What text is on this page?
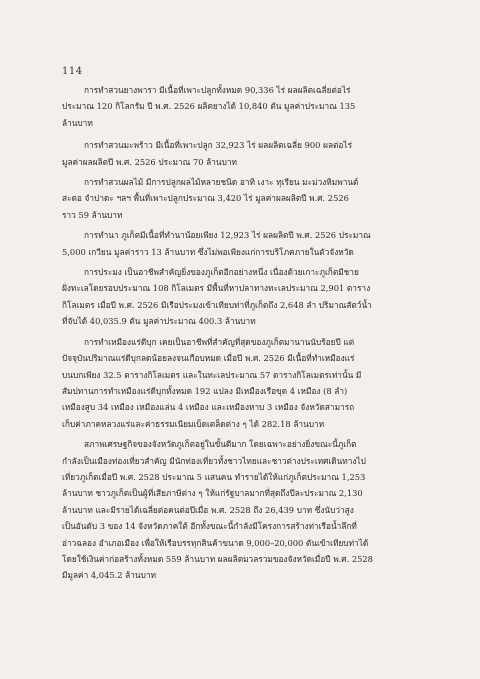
114

การทำสวนยางพารา มีเนื้อที่เพาะปลูกทั้งหมด 90,336 ไร่ ผลผลิตเฉลี่ยต่อไร่
ประมาณ 120 กิโลกรัม ปี พ.ศ. 2526 ผลิตยางได้ 10,840 ตัน มูลค่าประมาณ 135
ล้านบาท

การทำสวนมะพร้าว มีเนื้อที่เพาะปลูก 32,923 ไร่ ผลผลิตเฉลี่ย 900 ผลต่อไร่
มูลค่าผลผลิตปี พ.ศ. 2526 ประมาณ 70 ล้านบาท

การทำสวนผลไม้ มีการปลูกผลไม้หลายชนิด อาทิ เงาะ ทุเรียน มะม่วงหิมพานต์
สะตอ จำปาดะ ฯลฯ พื้นที่เพาะปลูกประมาณ 3,420 ไร่ มูลค่าผลผลิตปี พ.ศ. 2526
ราว 59 ล้านบาท

การทำนา ภูเก็ตมีเนื้อที่ทำนาน้อยเพียง 12,923 ไร่ ผลผลิตปี พ.ศ. 2526 ประมาณ
5,000 เกวียน มูลค่าราว 13 ล้านบาท ซึ่งไม่พอเพียงแก่การบริโภคภายในตัวจังหวัด

การประมง เป็นอาชีพสำคัญยิ่งของภูเก็ตอีกอย่างหนึ่ง เนื่องด้วยเกาะภูเก็ตมีชาย
ฝั่งทะเลโดยรอบประมาณ 108 กิโลเมตร มีพื้นที่หาปลาทางทะเลประมาณ 2,901 ตาราง
กิโลเมตร เมื่อปี พ.ศ. 2526 มีเรือประมงเข้าเทียบท่าที่ภูเก็ตถึง 2,648 ลำ ปริมาณสัตว์น้ำ
ที่จับได้ 40,035.9 ตัน มูลค่าประมาณ 400.3 ล้านบาท

การทำเหมืองแร่ดีบุก เคยเป็นอาชีพที่สำคัญที่สุดของภูเก็ตมานานนับร้อยปี แต่
ปัจจุบันปริมาณแร่ดีบุกลดน้อยลงจนเกือบหมด เมื่อปี พ.ศ. 2526 มีเนื้อที่ทำเหมืองแร่
บนบกเพียง 32.5 ตารางกิโลเมตร และในทะเลประมาณ 57 ตารางกิโลเมตรเท่านั้น มี
สัมปทานการทำเหมืองแร่ดีบุกทั้งหมด 192 แปลง มีเหมืองเรือขุด 4 เหมือง (8 ลำ)
เหมืองสูบ 34 เหมือง เหมืองแล่น 4 เหมือง และเหมืองหาบ 3 เหมือง จังหวัดสามารถ
เก็บค่าภาคหลวงแร่และค่าธรรมเนียมเบ็ดเตล็ดต่าง ๆ ได้ 282.18 ล้านบาท

สภาพเศรษฐกิจของจังหวัดภูเก็ตอยู่ในขั้นดีมาก โดยเฉพาะอย่างยิ่งขณะนี้ภูเก็ต
กำลังเป็นเมืองท่องเที่ยวสำคัญ มีนักท่องเที่ยวทั้งชาวไทยและชาวต่างประเทศเดินทางไป
เที่ยวภูเก็ตเมื่อปี พ.ศ. 2528 ประมาณ 5 แสนคน ทำรายได้ให้แก่ภูเก็ตประมาณ 1,253
ล้านบาท ชาวภูเก็ตเป็นผู้ที่เสียภาษีต่าง ๆ ให้แก่รัฐบาลมากที่สุดถึงปีละประมาณ 2,130
ล้านบาท และมีรายได้เฉลี่ยต่อคนต่อปีเมื่อ พ.ศ. 2528 ถึง 26,439 บาท ซึ่งนับว่าสูง
เป็นอันดับ 3 ของ 14 จังหวัดภาคใต้ อีกทั้งขณะนี้กำลังมีโครงการสร้างท่าเรือน้ำลึกที่
อ่าวฉลอง อำเภอเมือง เพื่อให้เรือบรรทุกสินค้าขนาด 9,000–20,000 ตันเข้าเทียบท่าได้
โดยใช้เงินค่าก่อสร้างทั้งหมด 559 ล้านบาท ผลผลิตมวลรวมของจังหวัดเมื่อปี พ.ศ. 2528
มีมูลค่า 4,045.2 ล้านบาท
